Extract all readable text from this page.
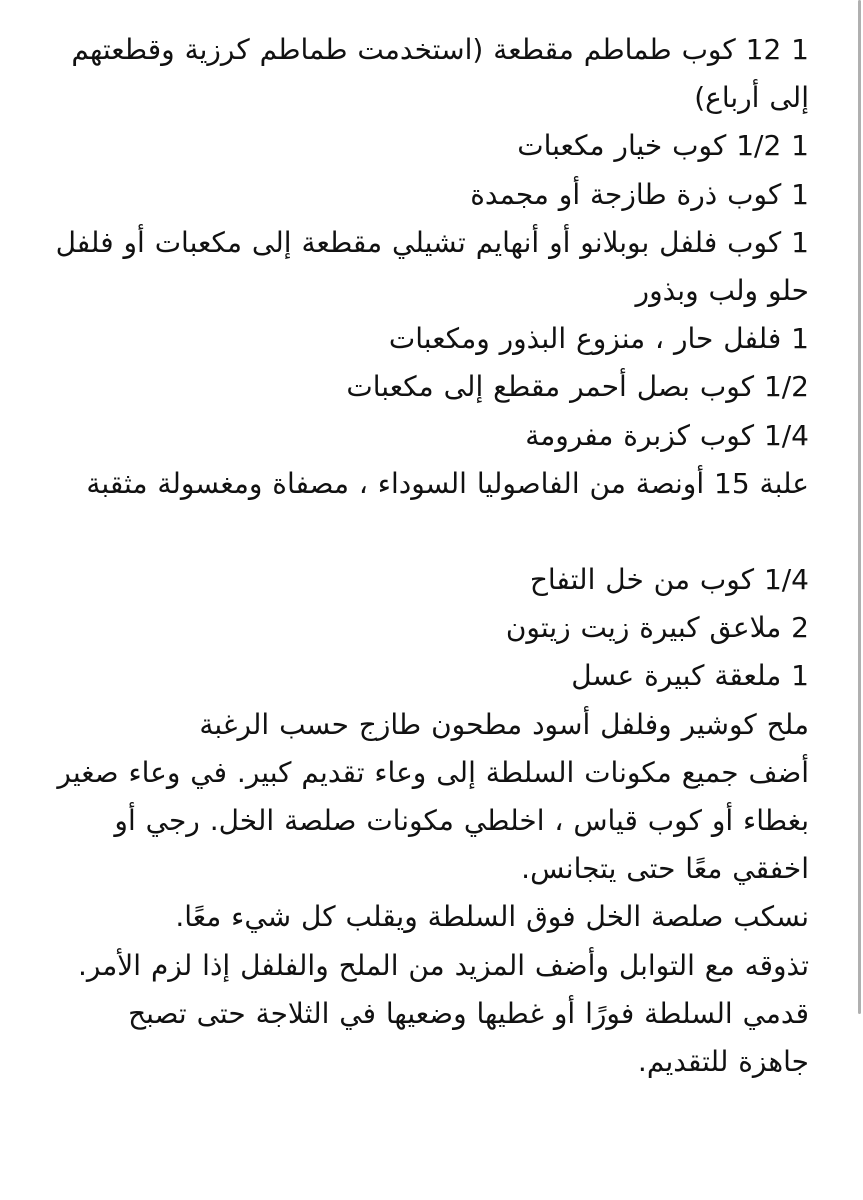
1 12 كوب طماطم مقطعة (استخدمت طماطم كرزية وقطعتهم إلى أرباع)

1 1/2 كوب خيار مكعبات

1 كوب ذرة طازجة أو مجمدة

1 كوب فلفل بوبلانو أو أنهايم تشيلي مقطعة إلى مكعبات أو فلفل حلو ولب وبذور

1 فلفل حار ، منزوع البذور ومكعبات

1/2 كوب بصل أحمر مقطع إلى مكعبات

1/4 كوب كزبرة مفرومة

علبة 15 أونصة من الفاصوليا السوداء ، مصفاة ومغسولة مثقبة

1/4 كوب من خل التفاح

2 ملاعق كبيرة زيت زيتون

1 ملعقة كبيرة عسل

ملح كوشير وفلفل أسود مطحون طازج حسب الرغبة

أضف جميع مكونات السلطة إلى وعاء تقديم كبير. في وعاء صغير بغطاء أو كوب قياس ، اخلطي مكونات صلصة الخل. رجي أو اخفقي معًا حتى يتجانس.

نسكب صلصة الخل فوق السلطة ويقلب كل شيء معًا.

تذوقه مع التوابل وأضف المزيد من الملح والفلفل إذا لزم الأمر. قدمي السلطة فورًا أو غطيها وضعيها في الثلاجة حتى تصبح جاهزة للتقديم.
